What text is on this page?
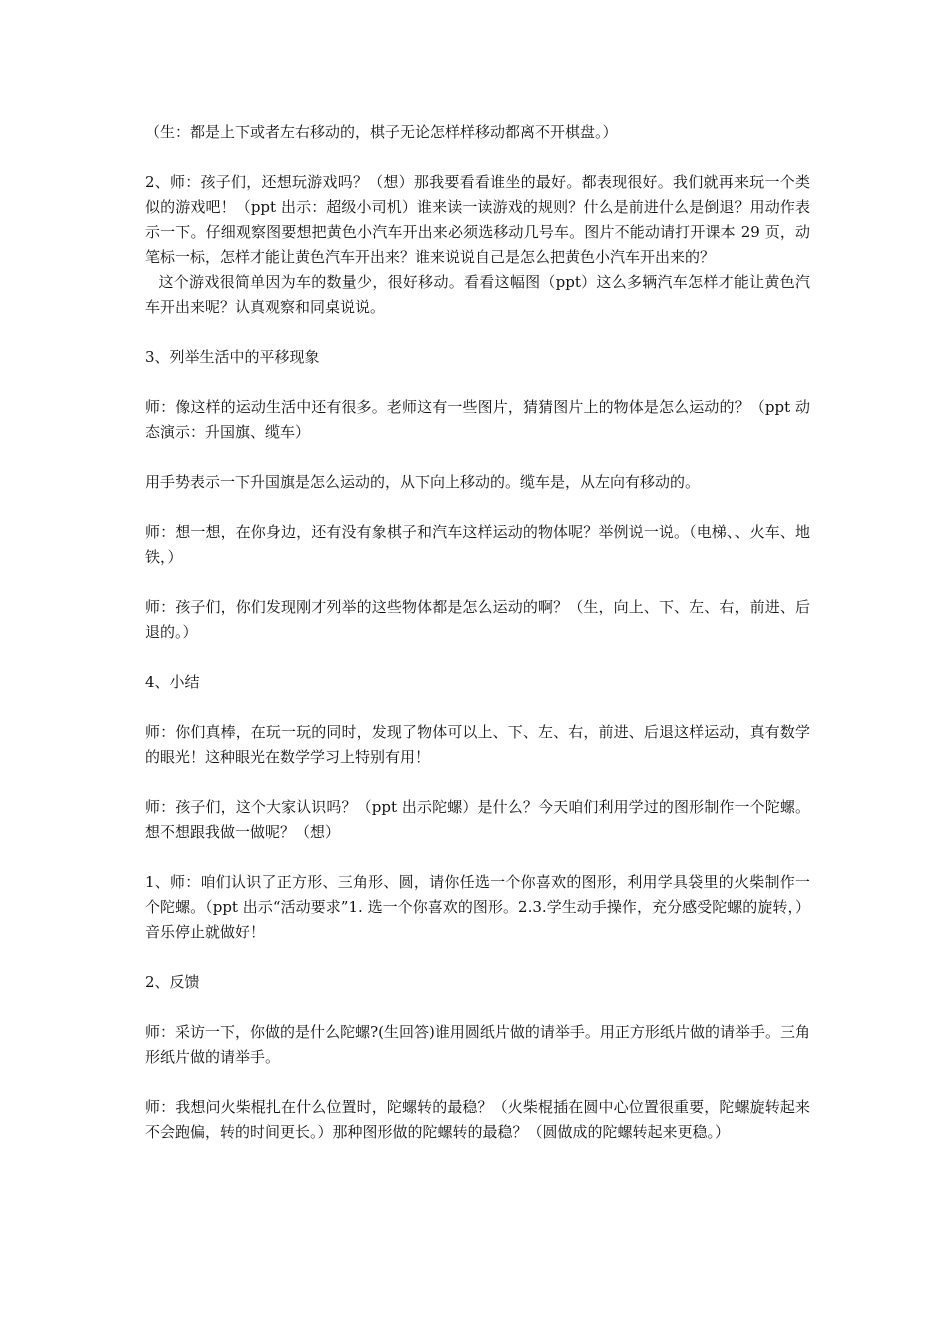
（生：都是上下或者左右移动的，棋子无论怎样样移动都离不开棋盘。）

2、师：孩子们，还想玩游戏吗？（想）那我要看看谁坐的最好。都表现很好。我们就再来玩一个类似的游戏吧！（ppt 出示：超级小司机）谁来读一读游戏的规则？什么是前进什么是倒退？用动作表示一下。仔细观察图要想把黄色小汽车开出来必须选移动几号车。图片不能动请打开课本 29 页，动笔标一标，怎样才能让黄色汽车开出来？谁来说说自己是怎么把黄色小汽车开出来的？

这个游戏很简单因为车的数量少，很好移动。看看这幅图（ppt）这么多辆汽车怎样才能让黄色汽车开出来呢？认真观察和同桌说说。

3、列举生活中的平移现象

师：像这样的运动生活中还有很多。老师这有一些图片，猜猜图片上的物体是怎么运动的？（ppt 动态演示：升国旗、缆车）

用手势表示一下升国旗是怎么运动的，从下向上移动的。缆车是，从左向有移动的。

师：想一想，在你身边，还有没有象棋子和汽车这样运动的物体呢？举例说一说。（电梯、、火车、地铁，）

师：孩子们，你们发现刚才列举的这些物体都是怎么运动的啊？（生，向上、下、左、右，前进、后退的。）

4、小结

师：你们真棒，在玩一玩的同时，发现了物体可以上、下、左、右，前进、后退这样运动，真有数学的眼光！这种眼光在数学学习上特别有用！

师：孩子们，这个大家认识吗？（ppt 出示陀螺）是什么？今天咱们利用学过的图形制作一个陀螺。想不想跟我做一做呢？（想）

1、师：咱们认识了正方形、三角形、圆，请你任选一个你喜欢的图形，利用学具袋里的火柴制作一个陀螺。（ppt 出示“活动要求”1. 选一个你喜欢的图形。2.3.学生动手操作，充分感受陀螺的旋转，）音乐停止就做好！

2、反馈

师：采访一下，你做的是什么陀螺?(生回答)谁用圆纸片做的请举手。用正方形纸片做的请举手。三角形纸片做的请举手。

师：我想问火柴棍扎在什么位置时，陀螺转的最稳？（火柴棍插在圆中心位置很重要，陀螺旋转起来不会跑偏，转的时间更长。）那种图形做的陀螺转的最稳？（圆做成的陀螺转起来更稳。）
